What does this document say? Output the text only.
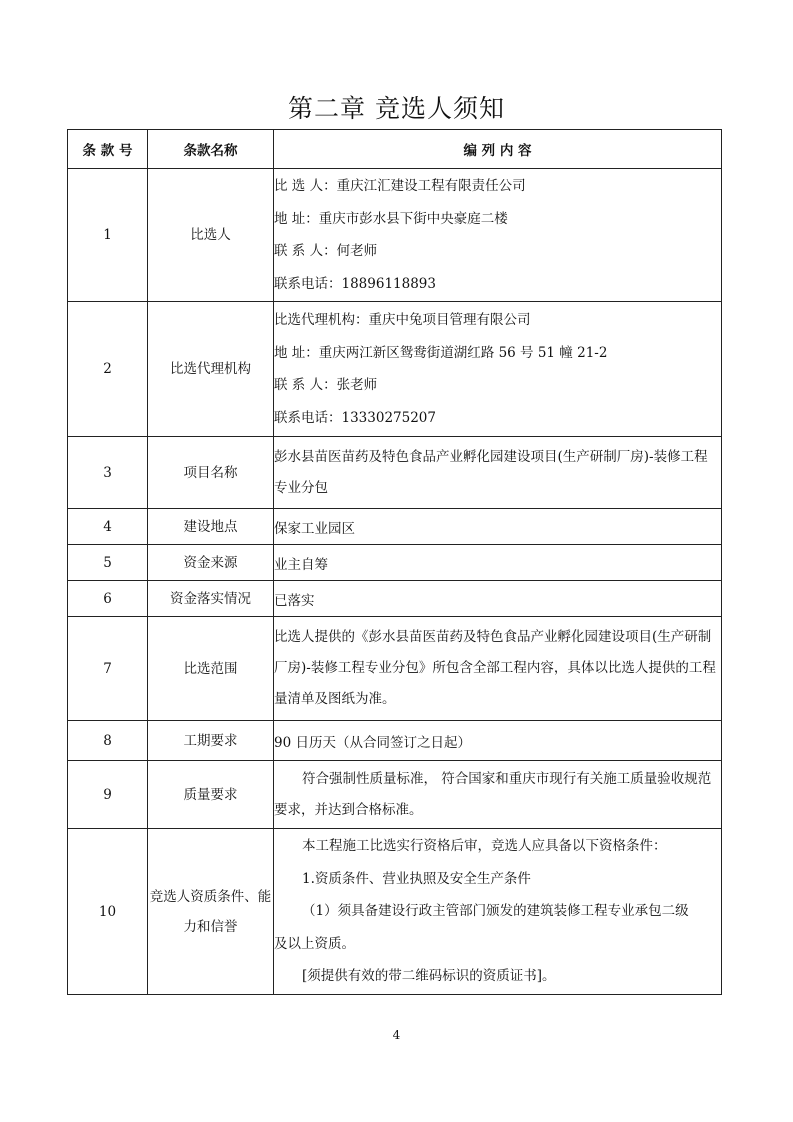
第二章 竞选人须知
条 款 号	条款名称	编 列 内 容
1	比选人	比 选 人：重庆江汇建设工程有限责任公司
地 址：重庆市彭水县下街中央豪庭二楼
联 系 人：何老师
联系电话：18896118893

2	比选代理机构	比选代理机构：重庆中兔项目管理有限公司
地 址：重庆两江新区鸳鸯街道湖红路 56 号 51 幢 21-2
联 系 人：张老师
联系电话：13330275207

3	项目名称	彭水县苗医苗药及特色食品产业孵化园建设项目(生产研制厂房)-装修工程专业分包

4	建设地点	保家工业园区

5	资金来源	业主自筹

6	资金落实情况	已落实

7	比选范围	比选人提供的《彭水县苗医苗药及特色食品产业孵化园建设项目(生产研制厂房)-装修工程专业分包》所包含全部工程内容，具体以比选人提供的工程量清单及图纸为准。

8	工期要求	90 日历天（从合同签订之日起）

9	质量要求	符合强制性质量标准， 符合国家和重庆市现行有关施工质量验收规范要求，并达到合格标准。

10	竞选人资质条件、能力和信誉	本工程施工比选实行资格后审，竞选人应具备以下资格条件：
1.资质条件、营业执照及安全生产条件
（1）须具备建设行政主管部门颁发的建筑装修工程专业承包二级
及以上资质。
[须提供有效的带二维码标识的资质证书]。
4
